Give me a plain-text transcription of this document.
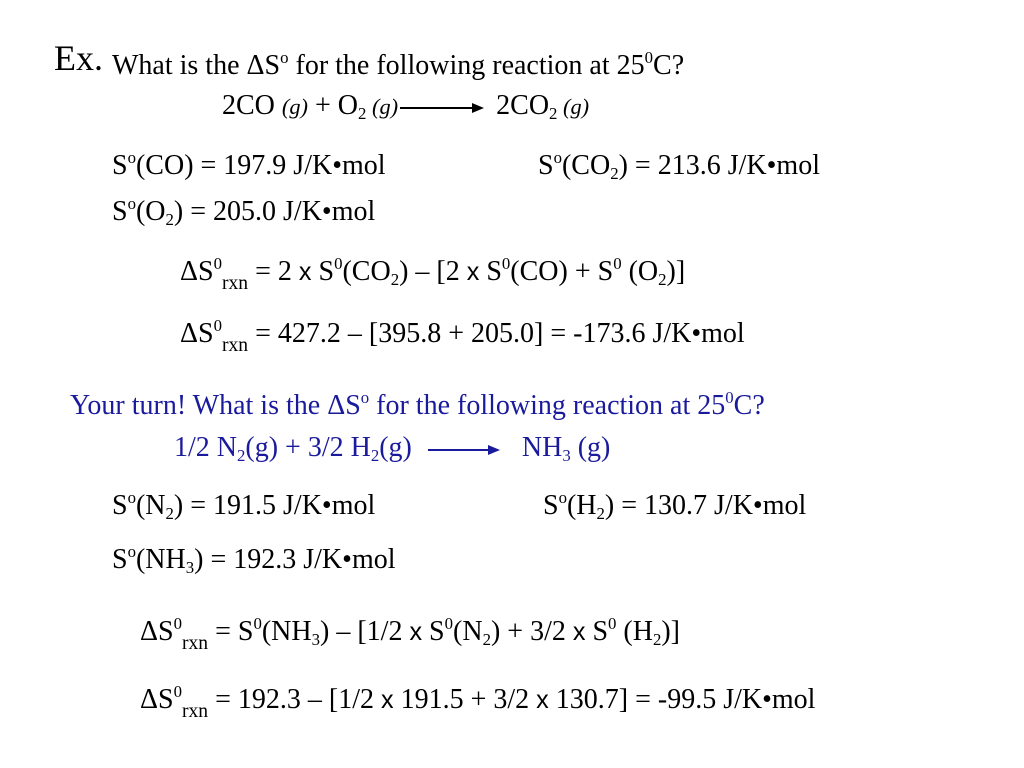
Ex. What is the $\Delta S^o$ for the following reaction at $25^0C$?
2CO $(g) + O_2$ $(g)\to 2CO_2$ (g)
$S^o(CO) = 197.9$ J/K•mol	$S^o(CO_2) = 213.6$ J/K•mol
$S^o(O_2) = 205.0$ J/K•mol
$\Delta S^0_{rxn} = 2$ x $S^0(CO_2) - [2$ x $S^0(CO) + S^0$ $(O_2)$]
$\Delta S^0_{rxn} = 427.2 - [395.8 + 205.0] = -173.6$ J/K•mol
Your turn! What is the $\Delta S^o$ for the following reaction at $25^0C$?
1/2 $N_2(g) + 3/2$ $H_2(g) \to NH_3$ (g)
$S^o(N_2) = 191.5$ J/K•mol	$S^o(H_2) = 130.7$ J/K•mol
$S^o(NH_3) = 192.3$ J/K•mol
$\Delta S^0_{rxn} = S^0(NH_3) - [1/2$ x $S^0(N_2) + 3/2$ x $S^0$ $(H_2)$]
$\Delta S^0_{rxn} = 192.3 - [1/2$ x 191.5 + 3/2 x 130.7] = -99.5 J/K•mol
